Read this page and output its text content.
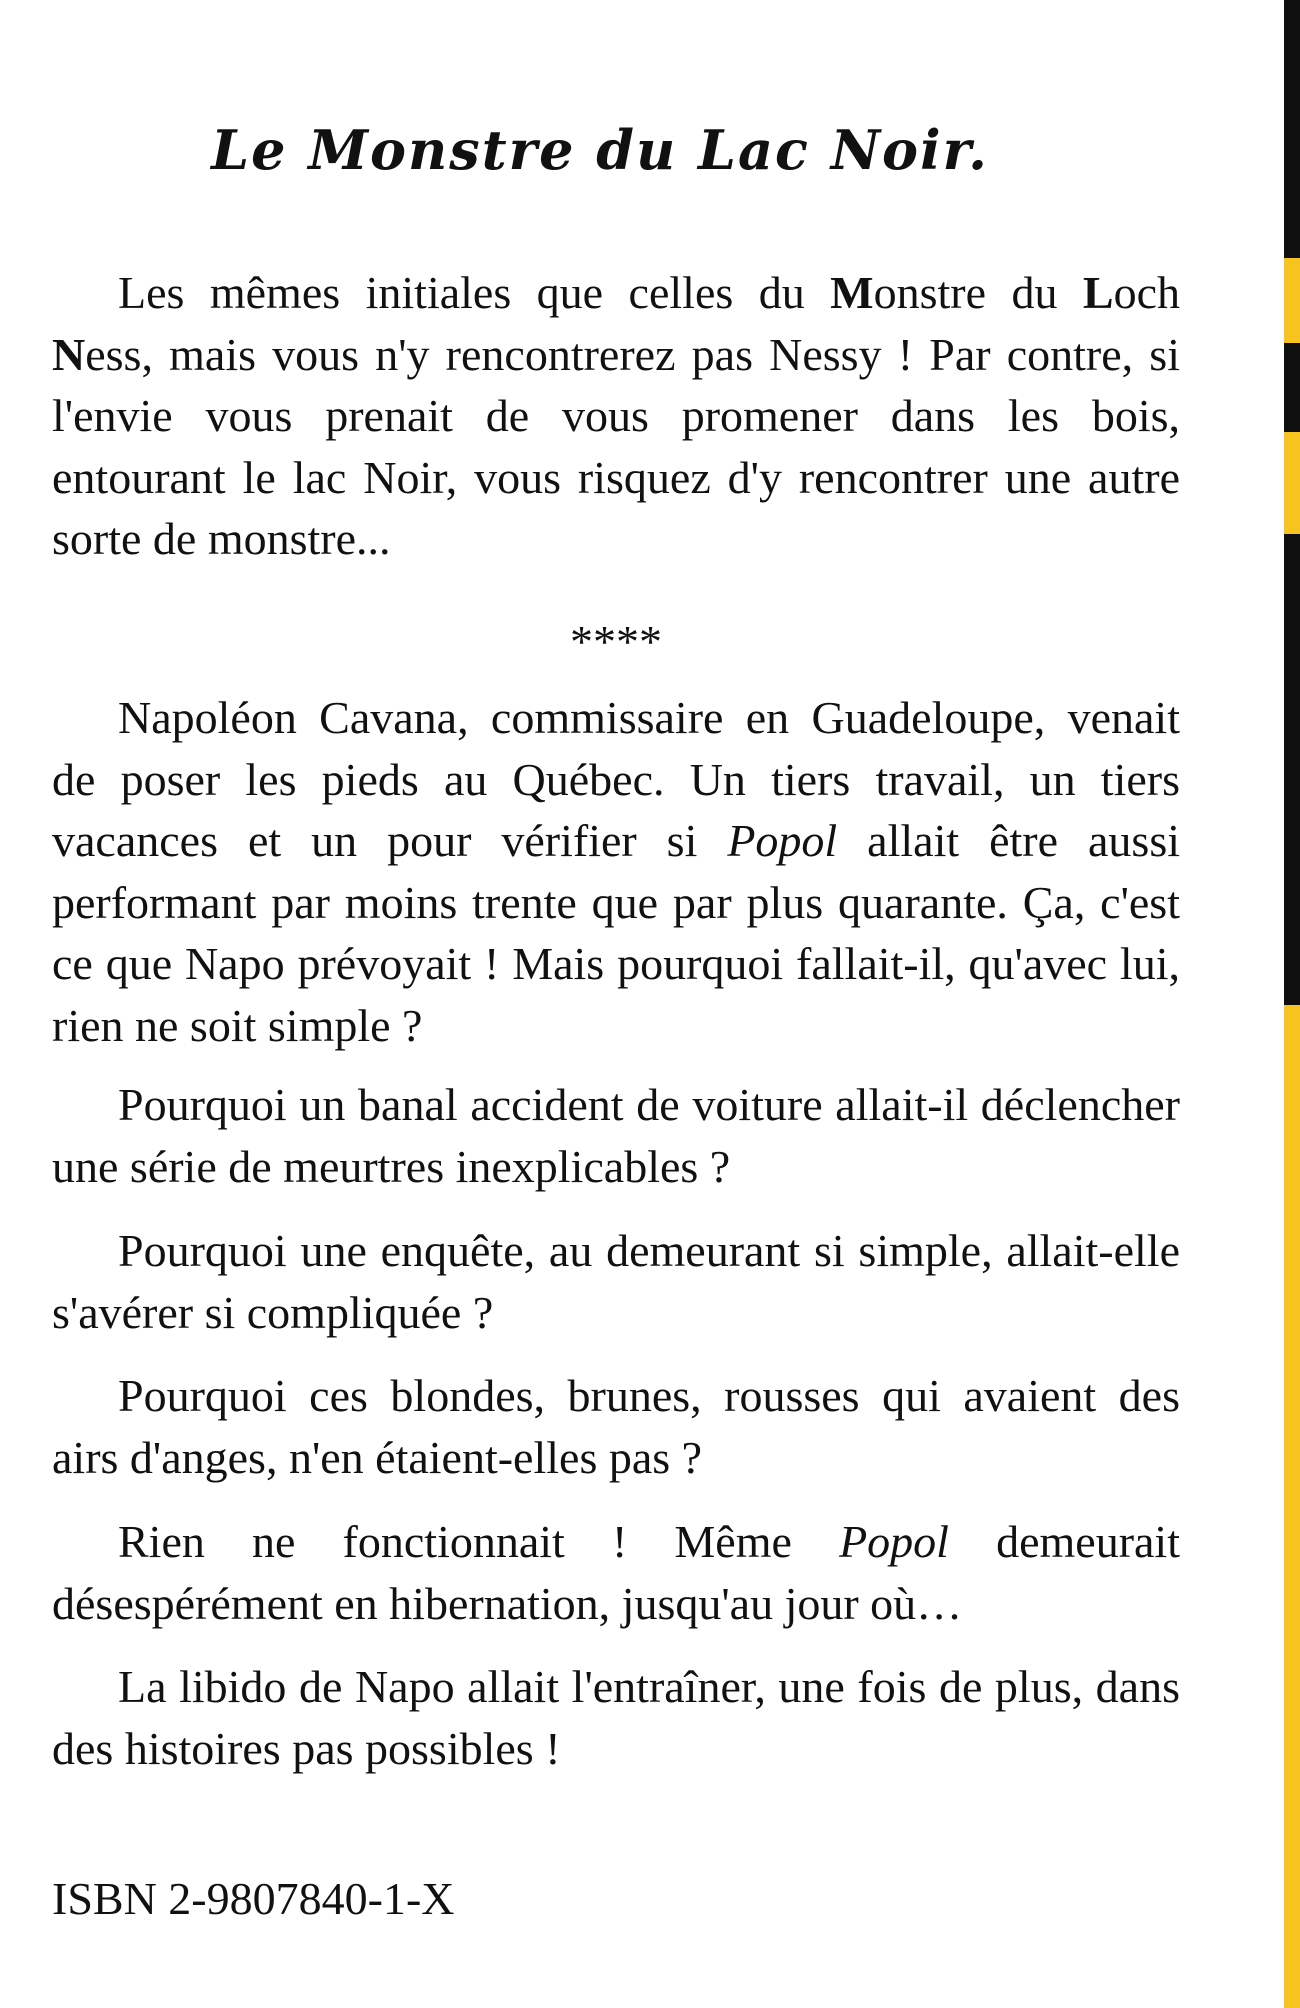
Le Monstre du Lac Noir.

Les mêmes initiales que celles du Monstre du Loch Ness, mais vous n'y rencontrerez pas Nessy ! Par contre, si l'envie vous prenait de vous promener dans les bois, entourant le lac Noir, vous risquez d'y rencontrer une autre sorte de monstre...

****

Napoléon Cavana, commissaire en Guadeloupe, venait de poser les pieds au Québec. Un tiers travail, un tiers vacances et un pour vérifier si Popol allait être aussi performant par moins trente que par plus quarante. Ça, c'est ce que Napo prévoyait ! Mais pourquoi fallait-il, qu'avec lui, rien ne soit simple ?

Pourquoi un banal accident de voiture allait-il déclencher une série de meurtres inexplicables ?

Pourquoi une enquête, au demeurant si simple, allait-elle s'avérer si compliquée ?

Pourquoi ces blondes, brunes, rousses qui avaient des airs d'anges, n'en étaient-elles pas ?

Rien ne fonctionnait ! Même Popol demeurait désespérément en hibernation, jusqu'au jour où…

La libido de Napo allait l'entraîner, une fois de plus, dans des histoires pas possibles !

ISBN 2-9807840-1-X
